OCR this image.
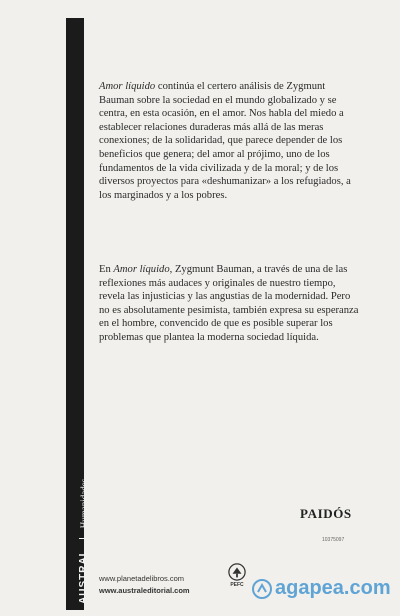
AUSTRAL
Humanidades

Amor líquido continúa el certero análisis de Zygmunt Bauman sobre la sociedad en el mundo globalizado y se centra, en esta ocasión, en el amor. Nos habla del miedo a establecer relaciones duraderas más allá de las meras conexiones; de la solidaridad, que parece depender de los beneficios que genera; del amor al prójimo, uno de los fundamentos de la vida civilizada y de la moral; y de los diversos proyectos para «deshumanizar» a los refugiados, a los marginados y a los pobres.

En Amor líquido, Zygmunt Bauman, a través de una de las reflexiones más audaces y originales de nuestro tiempo, revela las injusticias y las angustias de la modernidad. Pero no es absolutamente pesimista, también expresa su esperanza en el hombre, convencido de que es posible superar los problemas que plantea la moderna sociedad líquida.

PAIDÓS
10375097
www.planetadelibros.com
www.australeditorial.com
PEFC agapea.com
